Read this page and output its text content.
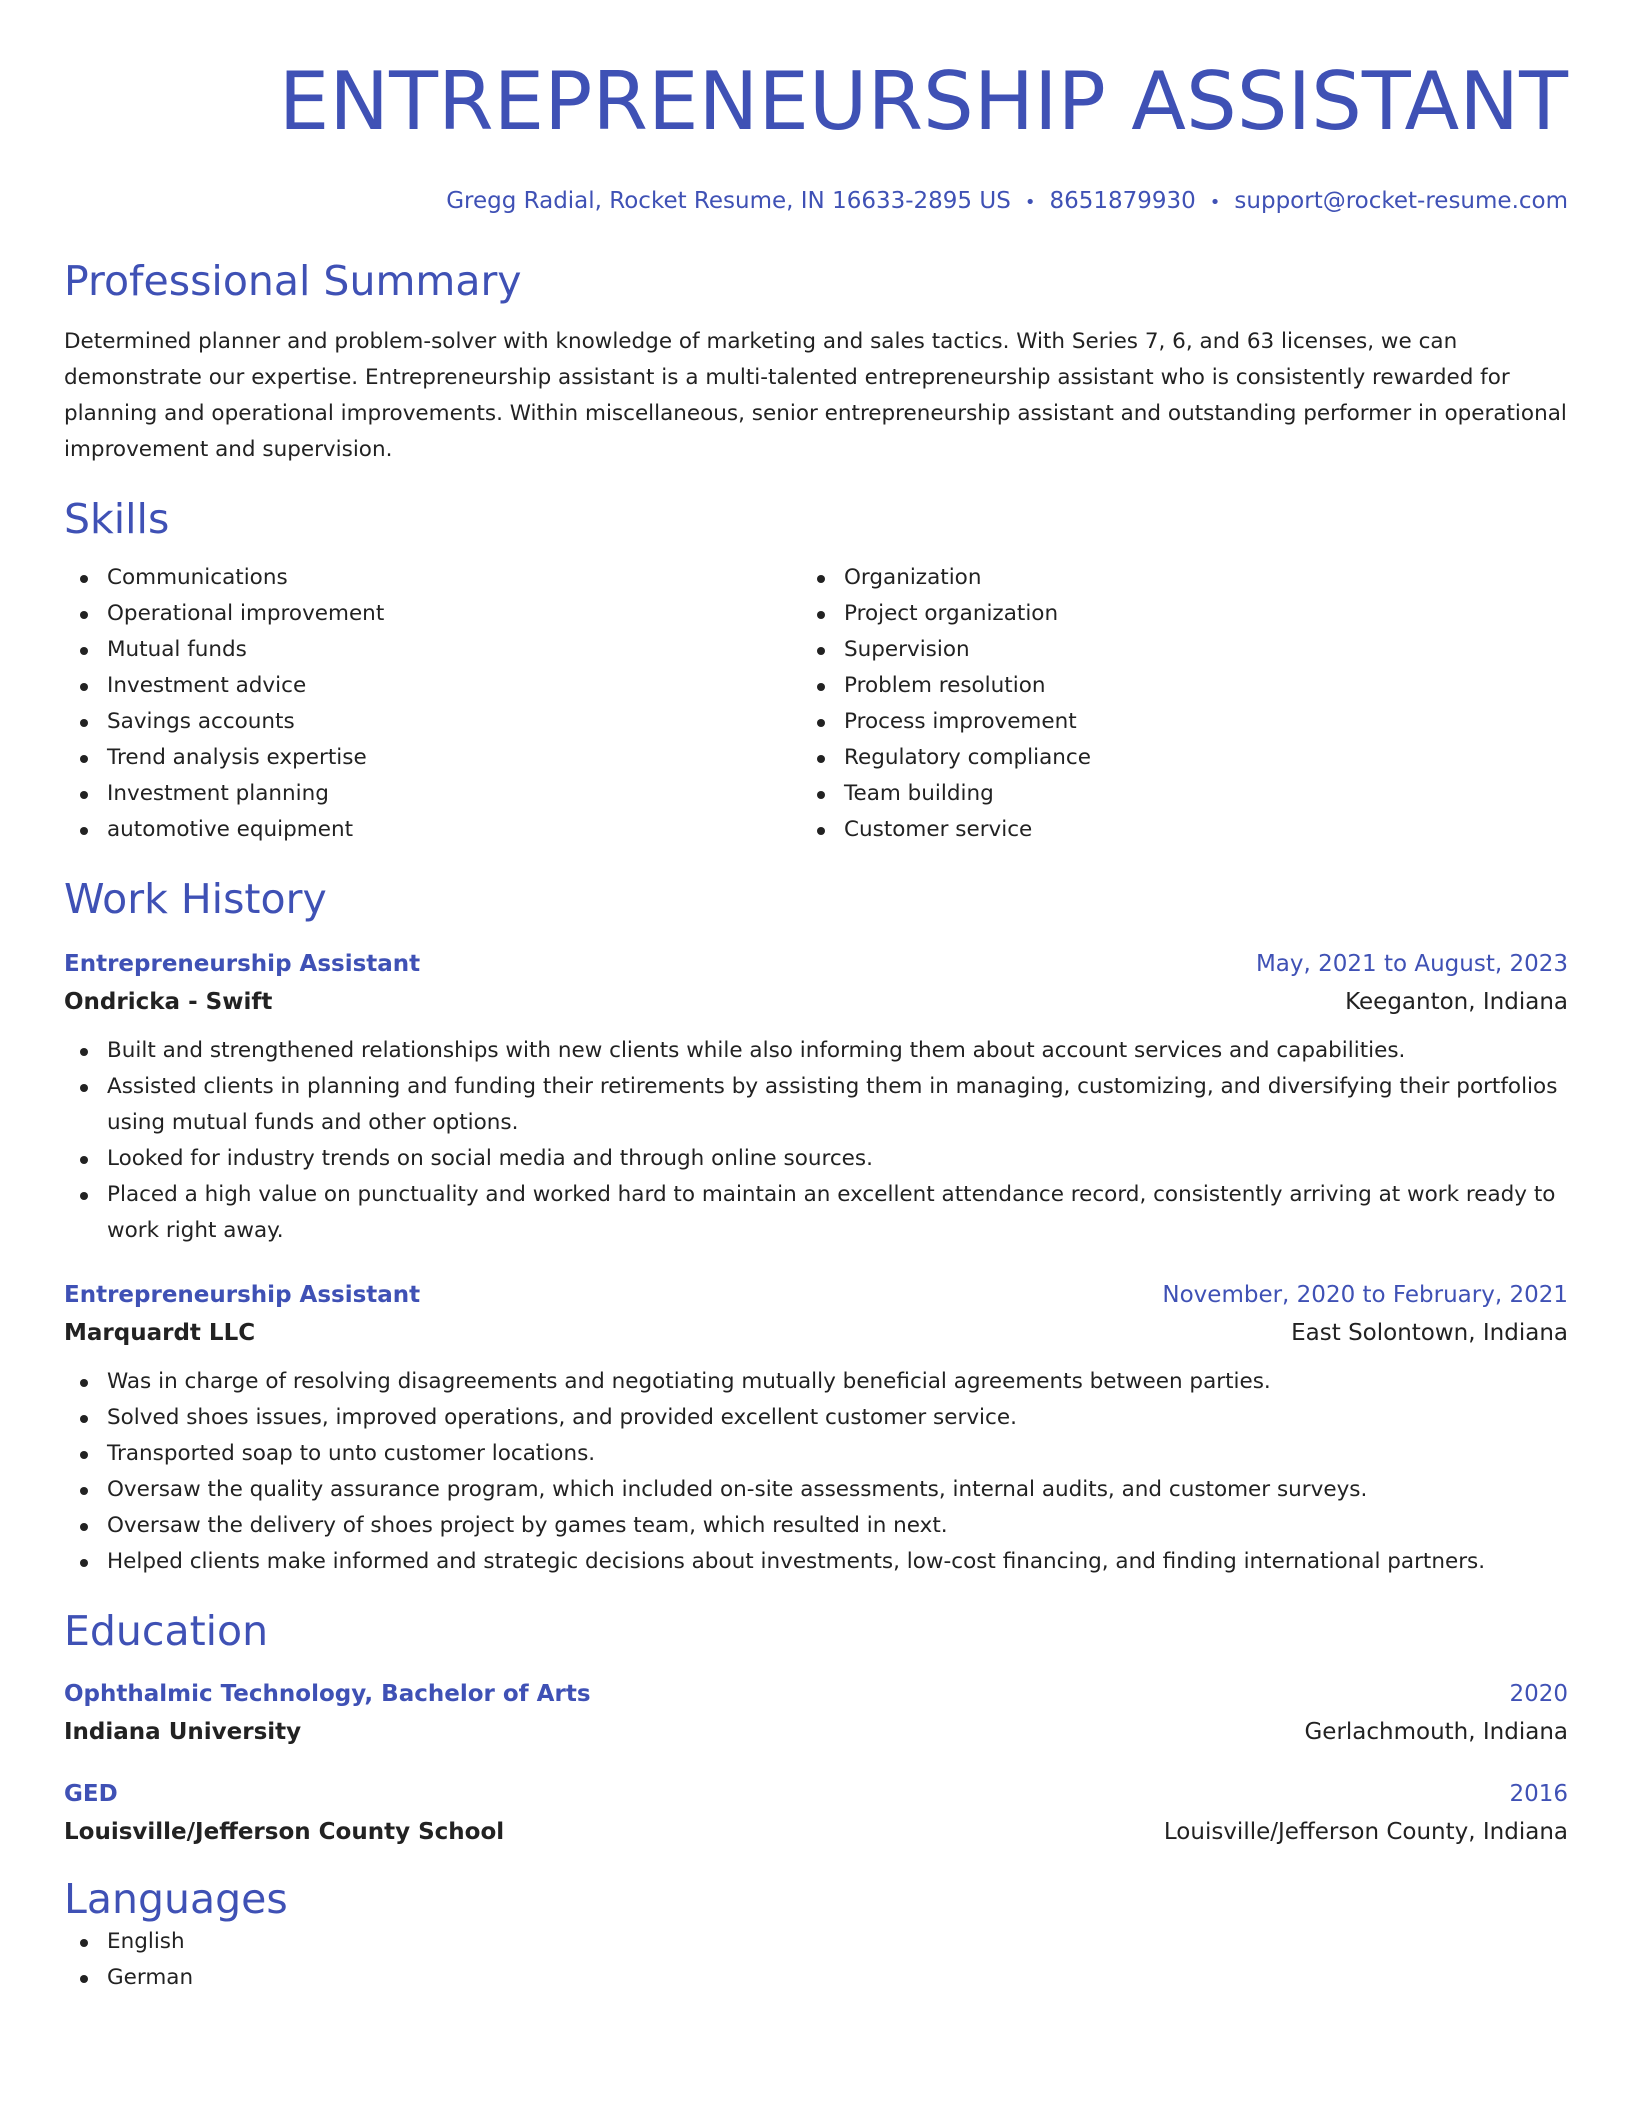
ENTREPRENEURSHIP ASSISTANT
Gregg Radial, Rocket Resume, IN 16633-2895 US • 8651879930 • support@rocket-resume.com
Professional Summary

Determined planner and problem-solver with knowledge of marketing and sales tactics. With Series 7, 6, and 63 licenses, we can demonstrate our expertise. Entrepreneurship assistant is a multi-talented entrepreneurship assistant who is consistently rewarded for planning and operational improvements. Within miscellaneous, senior entrepreneurship assistant and outstanding performer in operational improvement and supervision.

Skills
Communications
Operational improvement
Mutual funds
Investment advice
Savings accounts
Trend analysis expertise
Investment planning
automotive equipment
Organization
Project organization
Supervision
Problem resolution
Process improvement
Regulatory compliance
Team building
Customer service
Work History
Entrepreneurship Assistant	May, 2021 to August, 2023
Ondricka - Swift	Keeganton, Indiana
Built and strengthened relationships with new clients while also informing them about account services and capabilities.
Assisted clients in planning and funding their retirements by assisting them in managing, customizing, and diversifying their portfolios using mutual funds and other options.
Looked for industry trends on social media and through online sources.
Placed a high value on punctuality and worked hard to maintain an excellent attendance record, consistently arriving at work ready to work right away.
Entrepreneurship Assistant	November, 2020 to February, 2021
Marquardt LLC	East Solontown, Indiana
Was in charge of resolving disagreements and negotiating mutually beneficial agreements between parties.
Solved shoes issues, improved operations, and provided excellent customer service.
Transported soap to unto customer locations.
Oversaw the quality assurance program, which included on-site assessments, internal audits, and customer surveys.
Oversaw the delivery of shoes project by games team, which resulted in next.
Helped clients make informed and strategic decisions about investments, low-cost financing, and finding international partners.
Education
Ophthalmic Technology, Bachelor of Arts	2020
Indiana University	Gerlachmouth, Indiana
GED	2016
Louisville/Jefferson County School	Louisville/Jefferson County, Indiana
Languages
English
German
